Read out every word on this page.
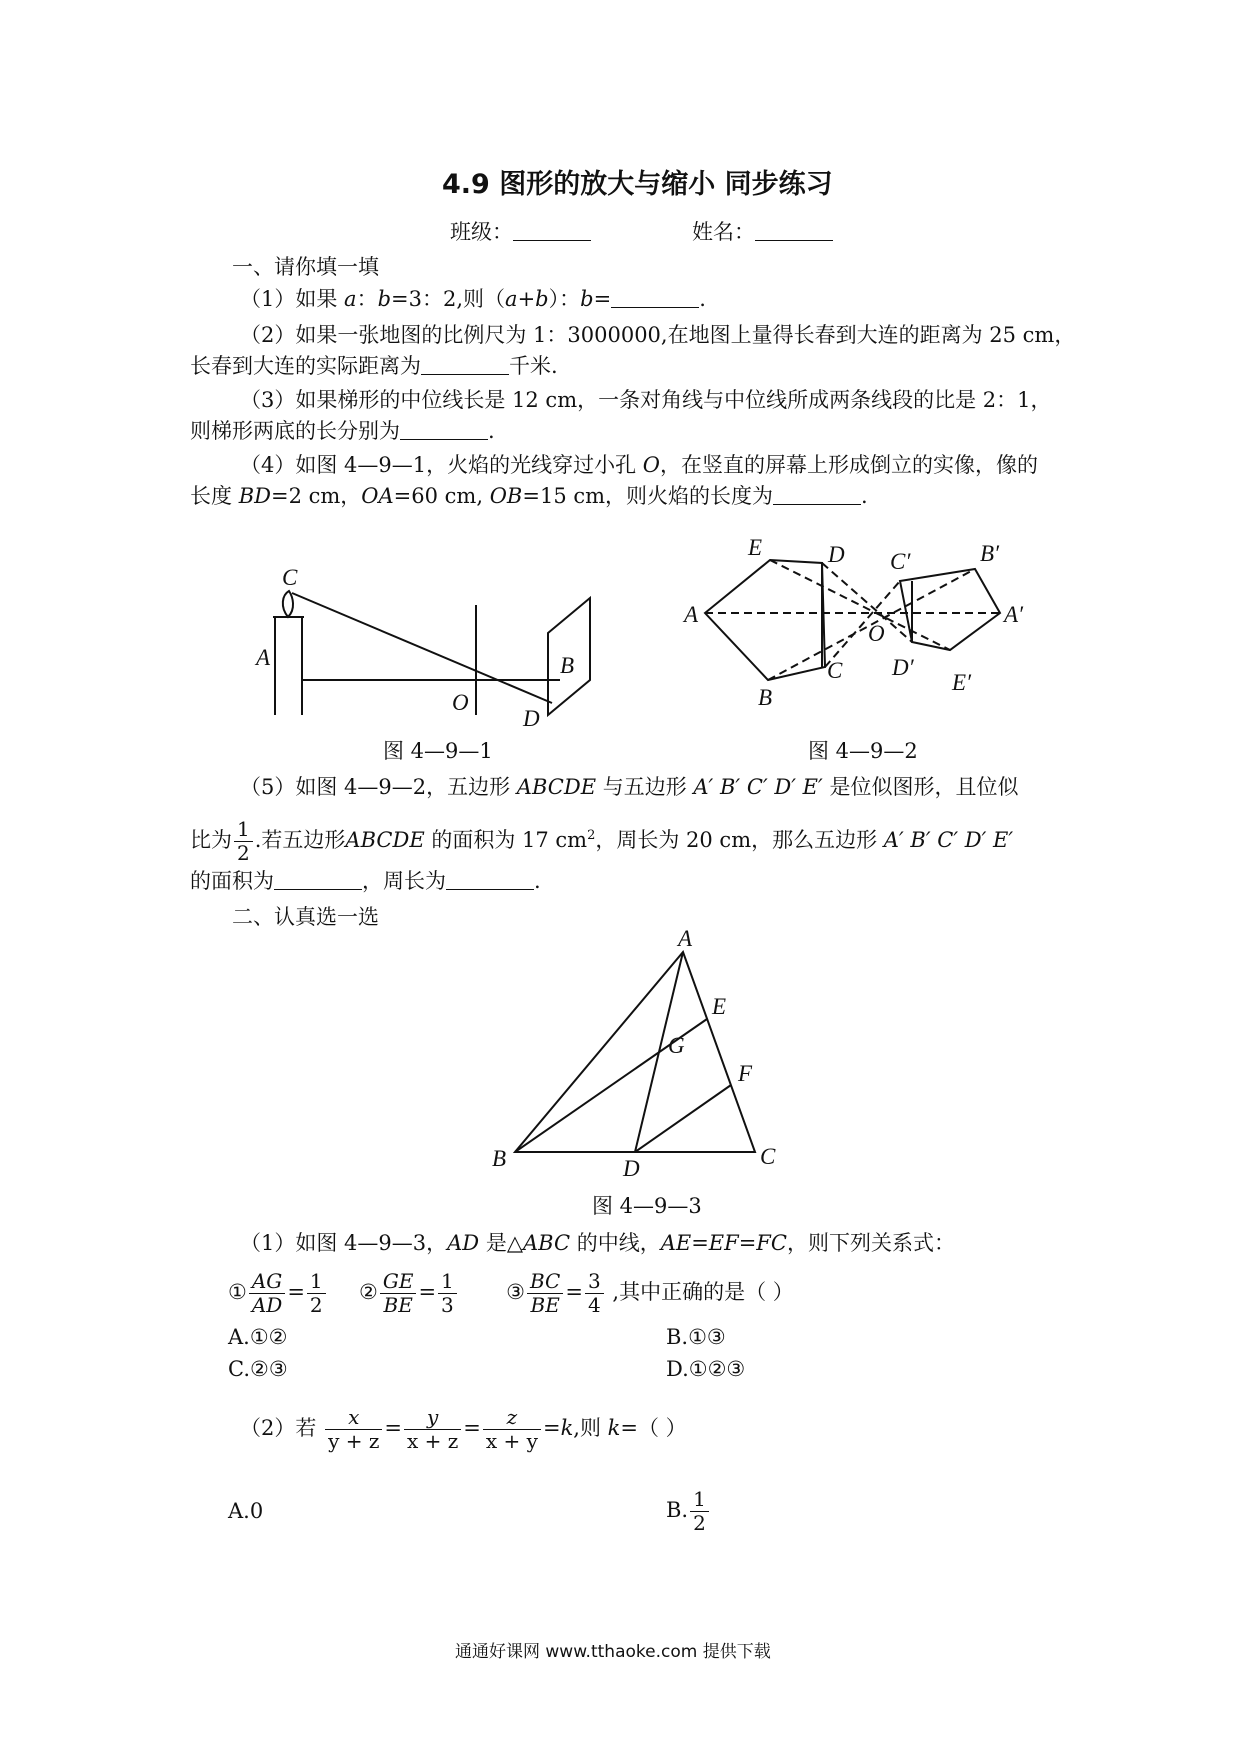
4.9 图形的放大与缩小 同步练习
班级：	姓名：
一、请你填一填
（1）如果 a：b=3：2,则（a+b）：b=	.
（2）如果一张地图的比例尺为 1：3000000,在地图上量得长春到大连的距离为 25 cm，
长春到大连的实际距离为	千米.
（3）如果梯形的中位线长是 12 cm，一条对角线与中位线所成两条线段的比是 2：1，
则梯形两底的长分别为	.
（4）如图 4—9—1，火焰的光线穿过小孔 O，在竖直的屏幕上形成倒立的实像，像的
长度 BD=2 cm，OA=60 cm, OB=15 cm，则火焰的长度为	.
C
A
O
B
D
图 4—9—1
E	D
A
O
C
B
C′	B′
A′
D′
E′
图 4—9—2
（5）如图 4—9—2，五边形 ABCDE 与五边形 A′ B′ C′ D′ E′ 是位似图形，且位似
比为 $\frac{1}{2}$ .若五边形ABCDE 的面积为 17 $cm^2$，周长为 20 cm，那么五边形 A′ B′ C′ D′ E′
的面积为	，周长为	.
二、认真选一选
A
E
G
F
B	D	C
图 4—9—3
（1）如图 4—9—3，AD 是△ABC 的中线，AE=EF=FC，则下列关系式：
① $\frac{AG}{AD} = \frac{1}{2}$ ② $\frac{GE}{BE} = \frac{1}{3}$ ③ $\frac{BC}{BE} = \frac{3}{4}$ ,其中正确的是（ ）
A.①②	B.①③
C.②③	D.①②③
（2）若 $\frac{x}{y + z} = \frac{y}{x + z} = \frac{z}{x + y} =k$,则 k=（ ）
A.0	B. $\frac{1}{2}$
通通好课网 www.tthaoke.com 提供下载
